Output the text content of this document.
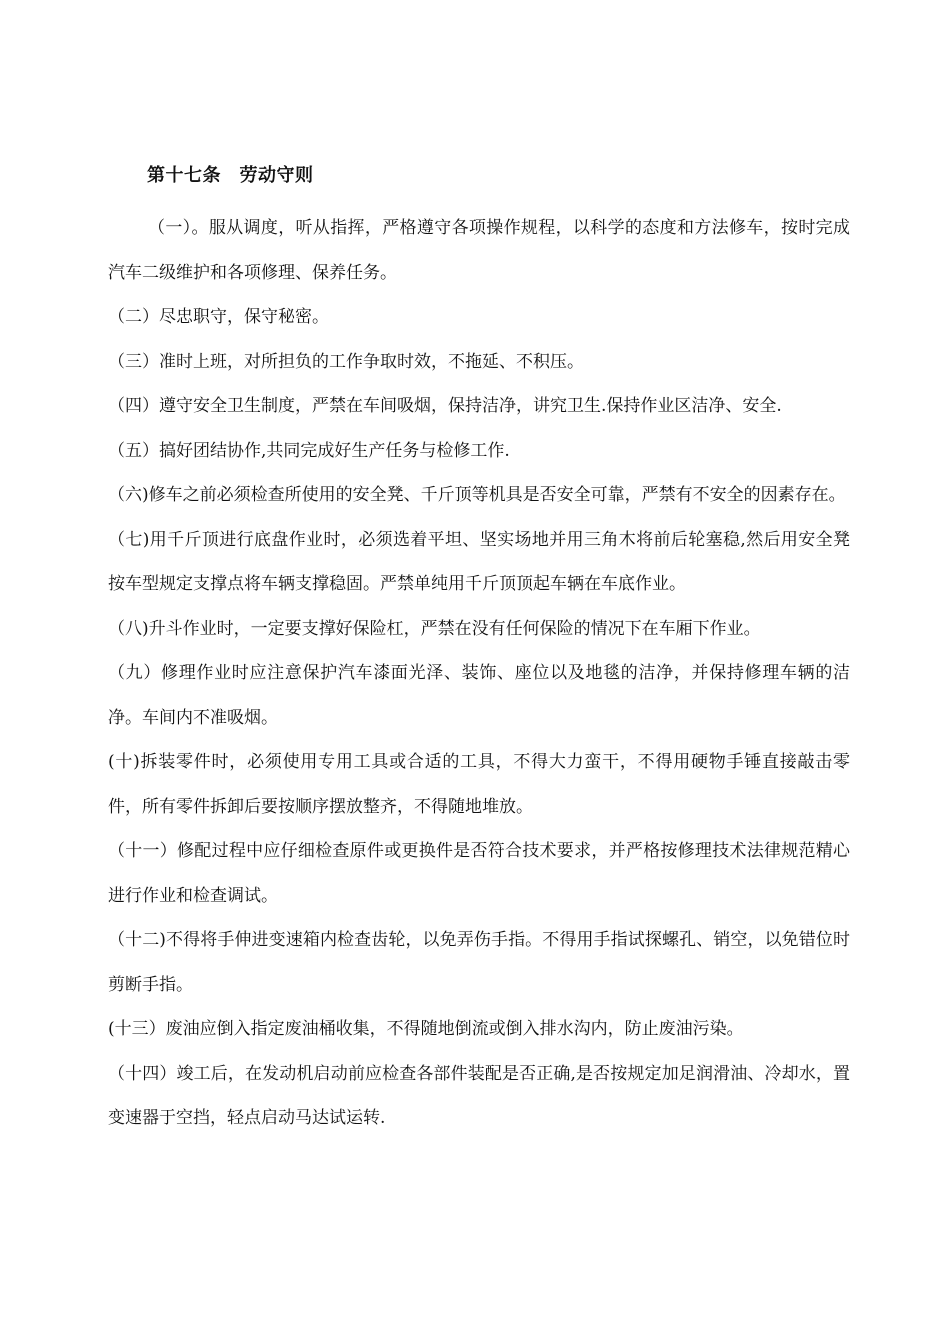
第十七条　劳动守则

（一）。服从调度，听从指挥，严格遵守各项操作规程，以科学的态度和方法修车，按时完成汽车二级维护和各项修理、保养任务。

（二）尽忠职守，保守秘密。

（三）准时上班，对所担负的工作争取时效，不拖延、不积压。

（四）遵守安全卫生制度，严禁在车间吸烟，保持洁净，讲究卫生.保持作业区洁净、安全.

（五）搞好团结协作,共同完成好生产任务与检修工作.

（六)修车之前必须检查所使用的安全凳、千斤顶等机具是否安全可靠，严禁有不安全的因素存在。

（七)用千斤顶进行底盘作业时，必须选着平坦、坚实场地并用三角木将前后轮塞稳,然后用安全凳按车型规定支撑点将车辆支撑稳固。严禁单纯用千斤顶顶起车辆在车底作业。

（八)升斗作业时，一定要支撑好保险杠，严禁在没有任何保险的情况下在车厢下作业。

（九）修理作业时应注意保护汽车漆面光泽、装饰、座位以及地毯的洁净，并保持修理车辆的洁净。车间内不准吸烟。

(十)拆装零件时，必须使用专用工具或合适的工具，不得大力蛮干，不得用硬物手锤直接敲击零件，所有零件拆卸后要按顺序摆放整齐，不得随地堆放。

（十一）修配过程中应仔细检查原件或更换件是否符合技术要求，并严格按修理技术法律规范精心进行作业和检查调试。

（十二)不得将手伸进变速箱内检查齿轮，以免弄伤手指。不得用手指试探螺孔、销空，以免错位时剪断手指。

(十三）废油应倒入指定废油桶收集，不得随地倒流或倒入排水沟内，防止废油污染。

（十四）竣工后，在发动机启动前应检查各部件装配是否正确,是否按规定加足润滑油、冷却水，置变速器于空挡，轻点启动马达试运转.
